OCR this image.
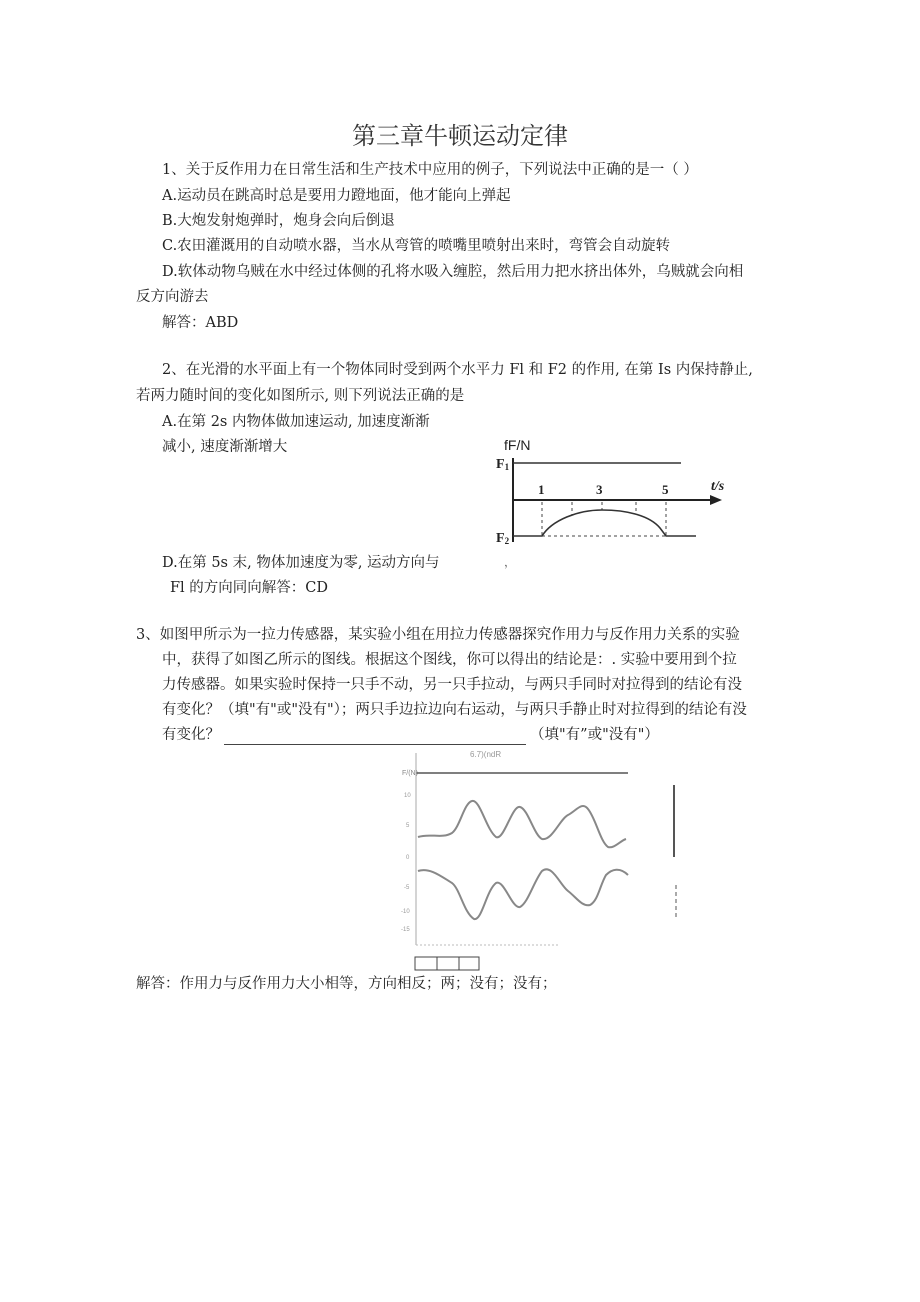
第三章牛顿运动定律
1、关于反作用力在日常生活和生产技术中应用的例子，下列说法中正确的是一（ ）
A.运动员在跳高时总是要用力蹬地面，他才能向上弹起
B.大炮发射炮弹时，炮身会向后倒退
C.农田灌溉用的自动喷水器，当水从弯管的喷嘴里喷射出来时，弯管会自动旋转
D.软体动物乌贼在水中经过体侧的孔将水吸入缠腔，然后用力把水挤出体外，乌贼就会向相
反方向游去
解答：ABD
2、在光滑的水平面上有一个物体同时受到两个水平力 Fl 和 F2 的作用, 在第 Is 内保持静止,
若两力随时间的变化如图所示, 则下列说法正确的是
A.在第 2s 内物体做加速运动, 加速度渐渐
减小, 速度渐渐增大
D.在第 5s 末, 物体加速度为零, 运动方向与
Fl 的方向同向解答：CD
fF/N
F1
t/s
1	3	5
F2
，
3、如图甲所示为一拉力传感器，某实验小组在用拉力传感器探究作用力与反作用力关系的实验
中，获得了如图乙所示的图线。根据这个图线，你可以得出的结论是：. 实验中要用到个拉
力传感器。如果实验时保持一只手不动，另一只手拉动，与两只手同时对拉得到的结论有没
有变化？（填"有"或"没有"）；两只手边拉边向右运动，与两只手静止时对拉得到的结论有没
有变化？	（填"有”或"没有"）
6.7)(ndR
F/(N)
10
5
0
-5
-10
-15
解答：作用力与反作用力大小相等，方向相反；两；没有；没有；
